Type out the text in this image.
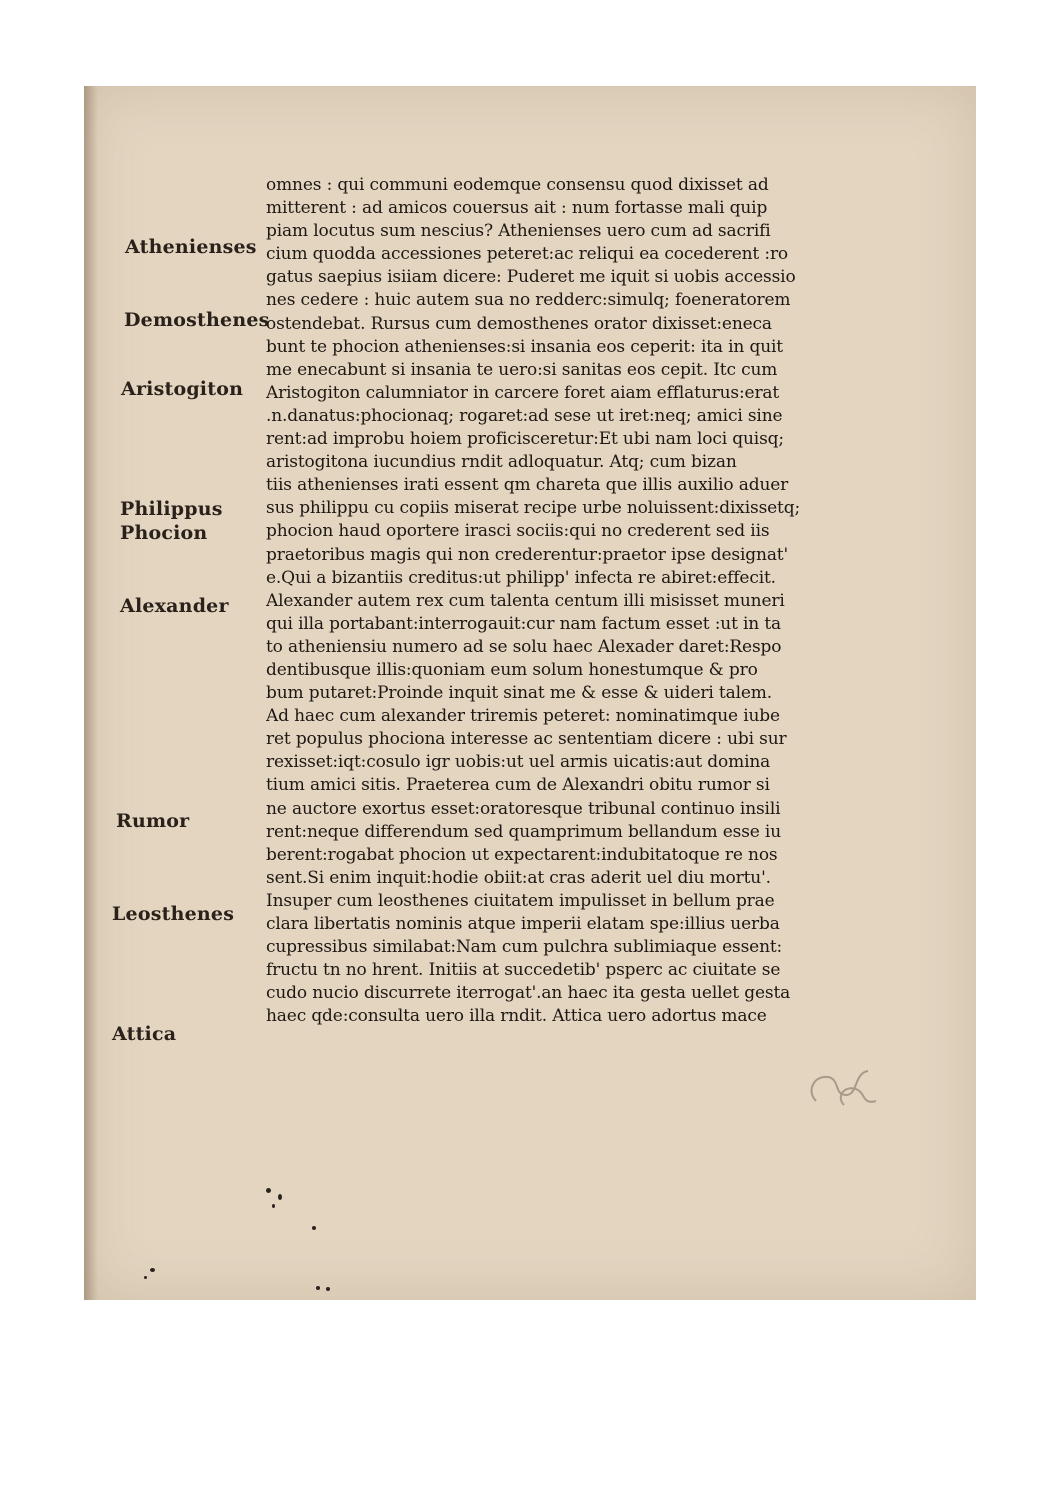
Athenienses
Demosthenes
Aristogiton
Philippus
Phocion
Alexander
Rumor
Leosthenes
Attica
omnes : qui communi eodemque consensu quod dixisset ad
mitterent : ad amicos couersus ait : num fortasse mali quip
piam locutus sum nescius? Athenienses uero cum ad sacrifi
cium quodda accessiones peteret:ac reliqui ea cocederent :ro
gatus saepius isiiam dicere: Puderet me iquit si uobis accessio
nes cedere : huic autem sua no redderc:simulq; foeneratorem
ostendebat. Rursus cum demosthenes orator dixisset:eneca
bunt te phocion athenienses:si insania eos ceperit: ita in quit
me enecabunt si insania te uero:si sanitas eos cepit. Itc cum
Aristogiton calumniator in carcere foret aiam efflaturus:erat
.n.danatus:phocionaq; rogaret:ad sese ut iret:neq; amici sine
rent:ad improbu hoiem proficisceretur:Et ubi nam loci quisq;
aristogitona iucundius rndit adloquatur. Atq; cum bizan
tiis athenienses irati essent qm chareta que illis auxilio aduer
sus philippu cu copiis miserat recipe urbe noluissent:dixissetq;
phocion haud oportere irasci sociis:qui no crederent sed iis
praetoribus magis qui non crederentur:praetor ipse designat'
e.Qui a bizantiis creditus:ut philipp' infecta re abiret:effecit.
Alexander autem rex cum talenta centum illi misisset muneri
qui illa portabant:interrogauit:cur nam factum esset :ut in ta
to atheniensiu numero ad se solu haec Alexader daret:Respo
dentibusque illis:quoniam eum solum honestumque & pro
bum putaret:Proinde inquit sinat me & esse & uideri talem.
Ad haec cum alexander triremis peteret: nominatimque iube
ret populus phociona interesse ac sententiam dicere : ubi sur
rexisset:iqt:cosulo igr uobis:ut uel armis uicatis:aut domina
tium amici sitis. Praeterea cum de Alexandri obitu rumor si
ne auctore exortus esset:oratoresque tribunal continuo insili
rent:neque differendum sed quamprimum bellandum esse iu
berent:rogabat phocion ut expectarent:indubitatoque re nos
sent.Si enim inquit:hodie obiit:at cras aderit uel diu mortu'.
Insuper cum leosthenes ciuitatem impulisset in bellum prae
clara libertatis nominis atque imperii elatam spe:illius uerba
cupressibus similabat:Nam cum pulchra sublimiaque essent:
fructu tn no hrent. Initiis at succedetib' psperc ac ciuitate se
cudo nucio discurrete iterrogat'.an haec ita gesta uellet gesta
haec qde:consulta uero illa rndit. Attica uero adortus mace
